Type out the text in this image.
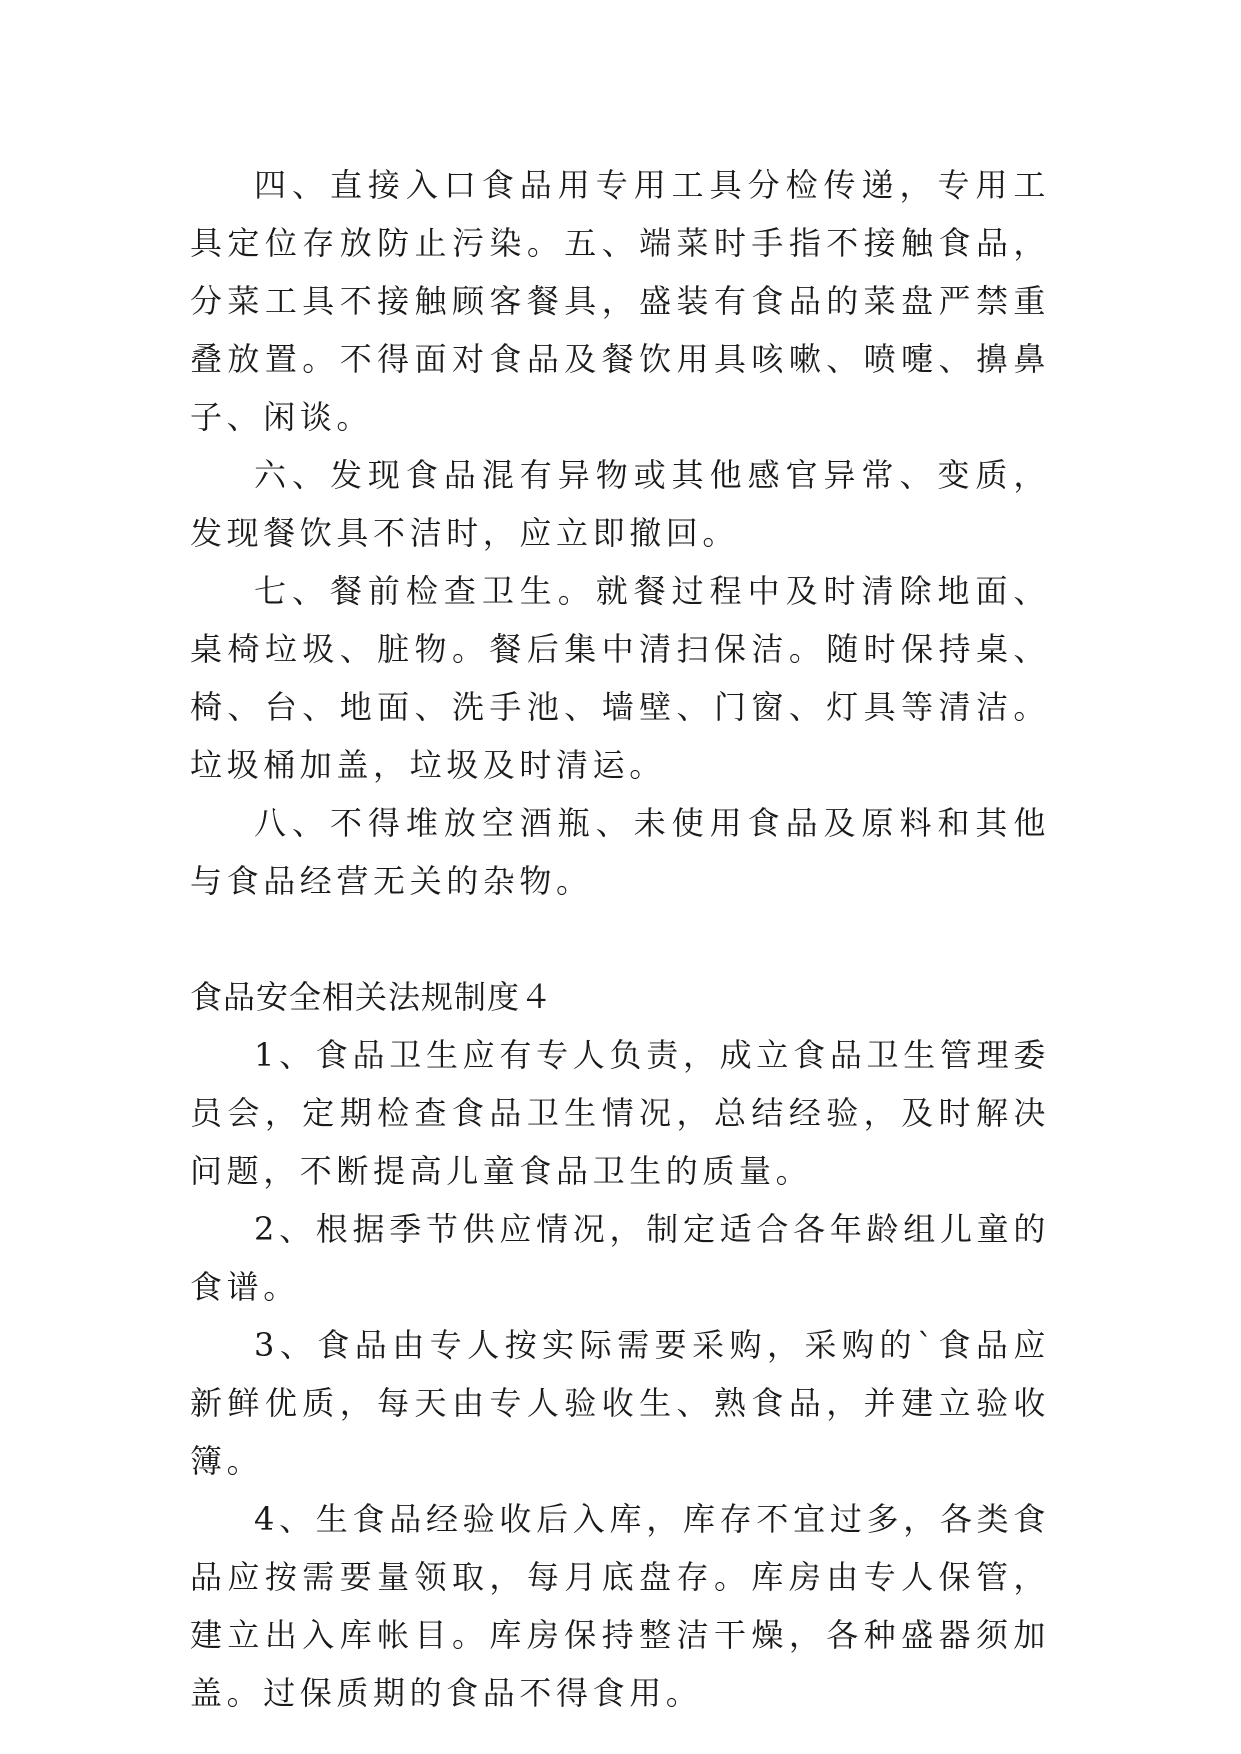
四、直接入口食品用专用工具分检传递，专用工具定位存放防止污染。五、端菜时手指不接触食品，分菜工具不接触顾客餐具，盛装有食品的菜盘严禁重叠放置。不得面对食品及餐饮用具咳嗽、喷嚏、擤鼻子、闲谈。

六、发现食品混有异物或其他感官异常、变质，发现餐饮具不洁时，应立即撤回。

七、餐前检查卫生。就餐过程中及时清除地面、桌椅垃圾、脏物。餐后集中清扫保洁。随时保持桌、椅、台、地面、洗手池、墙壁、门窗、灯具等清洁。垃圾桶加盖，垃圾及时清运。

八、不得堆放空酒瓶、未使用食品及原料和其他与食品经营无关的杂物。

食品安全相关法规制度４

1、食品卫生应有专人负责，成立食品卫生管理委员会，定期检查食品卫生情况，总结经验，及时解决问题，不断提高儿童食品卫生的质量。

2、根据季节供应情况，制定适合各年龄组儿童的食谱。

3、食品由专人按实际需要采购，采购的`食品应新鲜优质，每天由专人验收生、熟食品，并建立验收簿。

4、生食品经验收后入库，库存不宜过多，各类食品应按需要量领取，每月底盘存。库房由专人保管，建立出入库帐目。库房保持整洁干燥，各种盛器须加盖。过保质期的食品不得食用。
